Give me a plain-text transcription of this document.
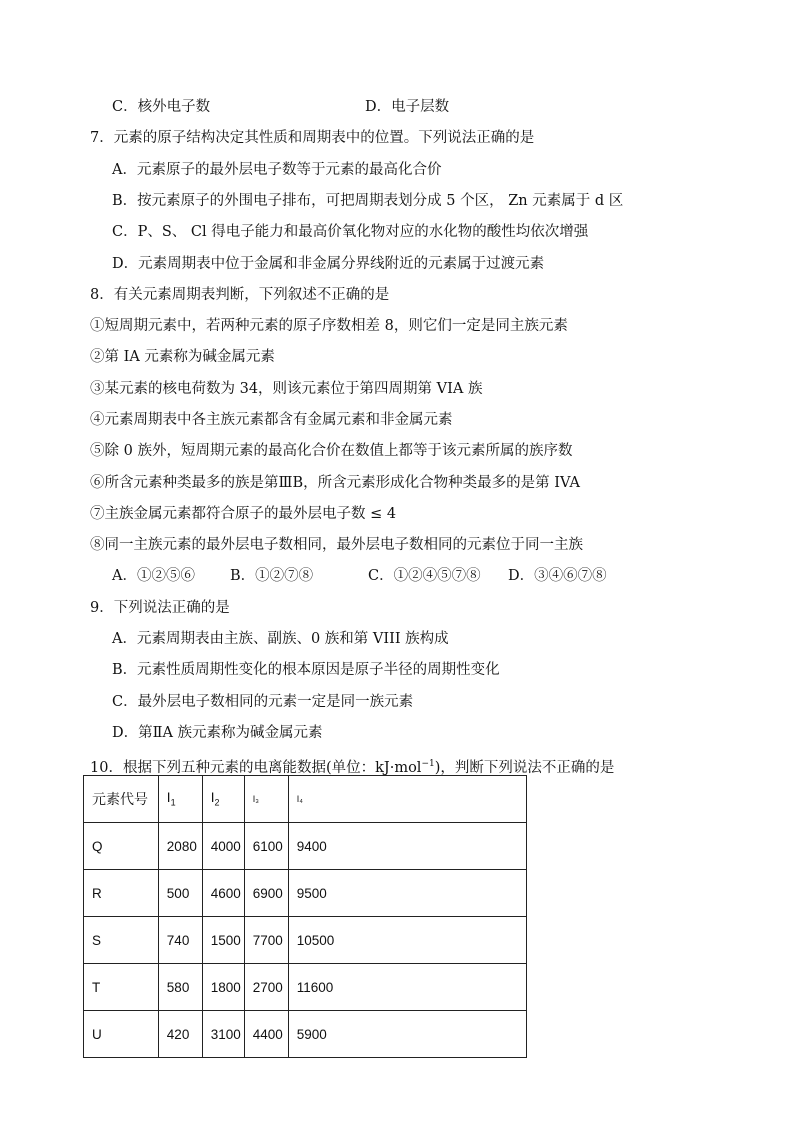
C．核外电子数	D．电子层数
7．元素的原子结构决定其性质和周期表中的位置。下列说法正确的是
A．元素原子的最外层电子数等于元素的最高化合价
B．按元素原子的外围电子排布，可把周期表划分成 5 个区， Zn 元素属于 d 区
C．P、S、 Cl 得电子能力和最高价氧化物对应的水化物的酸性均依次增强
D．元素周期表中位于金属和非金属分界线附近的元素属于过渡元素
8．有关元素周期表判断，下列叙述不正确的是
①短周期元素中，若两种元素的原子序数相差 8，则它们一定是同主族元素
②第 IA 元素称为碱金属元素
③某元素的核电荷数为 34，则该元素位于第四周期第 VIA 族
④元素周期表中各主族元素都含有金属元素和非金属元素
⑤除 0 族外，短周期元素的最高化合价在数值上都等于该元素所属的族序数
⑥所含元素种类最多的族是第ⅢB，所含元素形成化合物种类最多的是第 IVA
⑦主族金属元素都符合原子的最外层电子数 ≤ 4
⑧同一主族元素的最外层电子数相同，最外层电子数相同的元素位于同一主族
A．①②⑤⑥ B．①②⑦⑧	C．①②④⑤⑦⑧ D．③④⑥⑦⑧
9．下列说法正确的是
A．元素周期表由主族、副族、0 族和第 VIII 族构成
B．元素性质周期性变化的根本原因是原子半径的周期性变化
C．最外层电子数相同的元素一定是同一族元素
D．第ⅡA 族元素称为碱金属元素
10．根据下列五种元素的电离能数据(单位：kJ·mol$^{-1}$)，判断下列说法不正确的是
元素代号	$I_1$	$I_2$	I₃	I₄
Q	2080	4000	6100	9400
R	500	4600	6900	9500
S	740	1500	7700	10500
T	580	1800	2700	11600
U	420	3100	4400	5900
